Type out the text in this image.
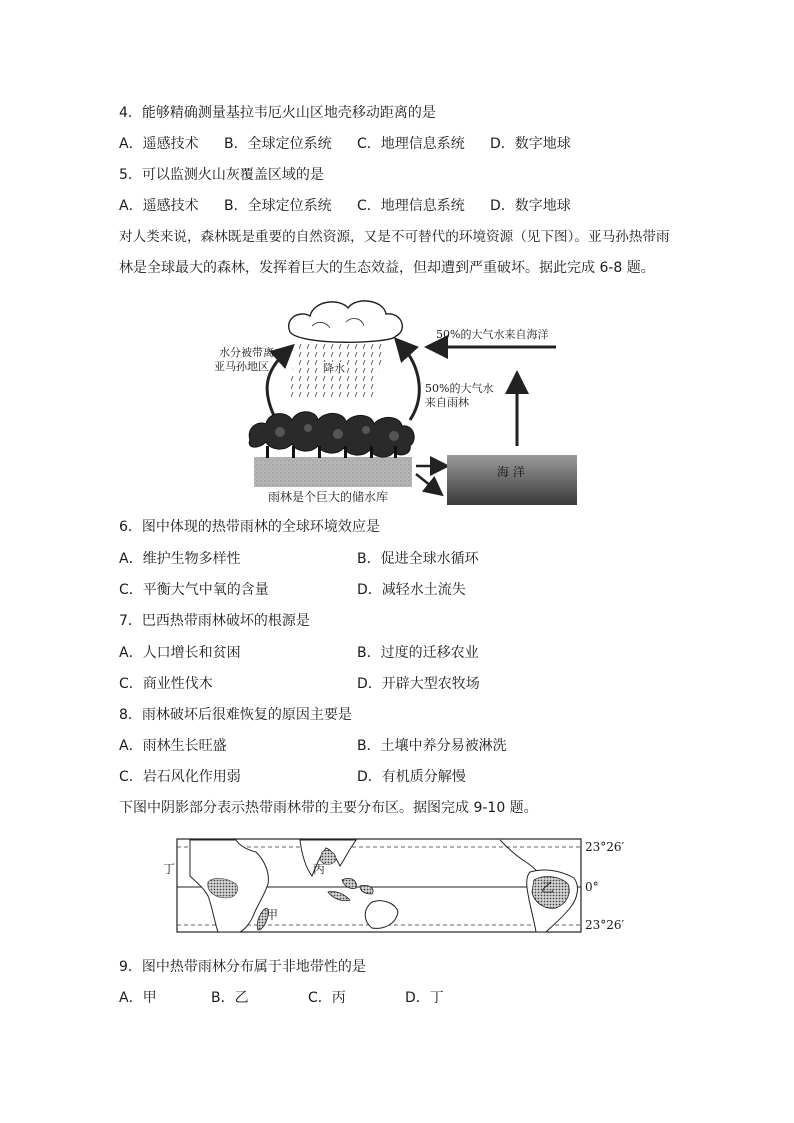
4．能够精确测量基拉韦厄火山区地壳移动距离的是
A．遥感技术 B．全球定位系统 C．地理信息系统 D．数字地球
5．可以监测火山灰覆盖区域的是
A．遥感技术 B．全球定位系统 C．地理信息系统 D．数字地球
对人类来说，森林既是重要的自然资源，又是不可替代的环境资源（见下图）。亚马孙热带雨
林是全球最大的森林，发挥着巨大的生态效益，但却遭到严重破坏。据此完成 6-8 题。
50%的大气水来自海洋
水分被带离
亚马孙地区	降水
50%的大气水
来自雨林
海 洋
雨林是个巨大的储水库
6．图中体现的热带雨林的全球环境效应是
A．维护生物多样性	B．促进全球水循环
C．平衡大气中氧的含量	D．减轻水土流失
7．巴西热带雨林破坏的根源是
A．人口增长和贫困	B．过度的迁移农业
C．商业性伐木	D．开辟大型农牧场
8．雨林破坏后很难恢复的原因主要是
A．雨林生长旺盛	B．土壤中养分易被淋洗
C．岩石风化作用弱	D．有机质分解慢
下图中阴影部分表示热带雨林带的主要分布区。据图完成 9-10 题。
23°26′
0°
23°26′
甲
乙
丙
丁
9．图中热带雨林分布属于非地带性的是
A．甲	B．乙	C．丙	D．丁
